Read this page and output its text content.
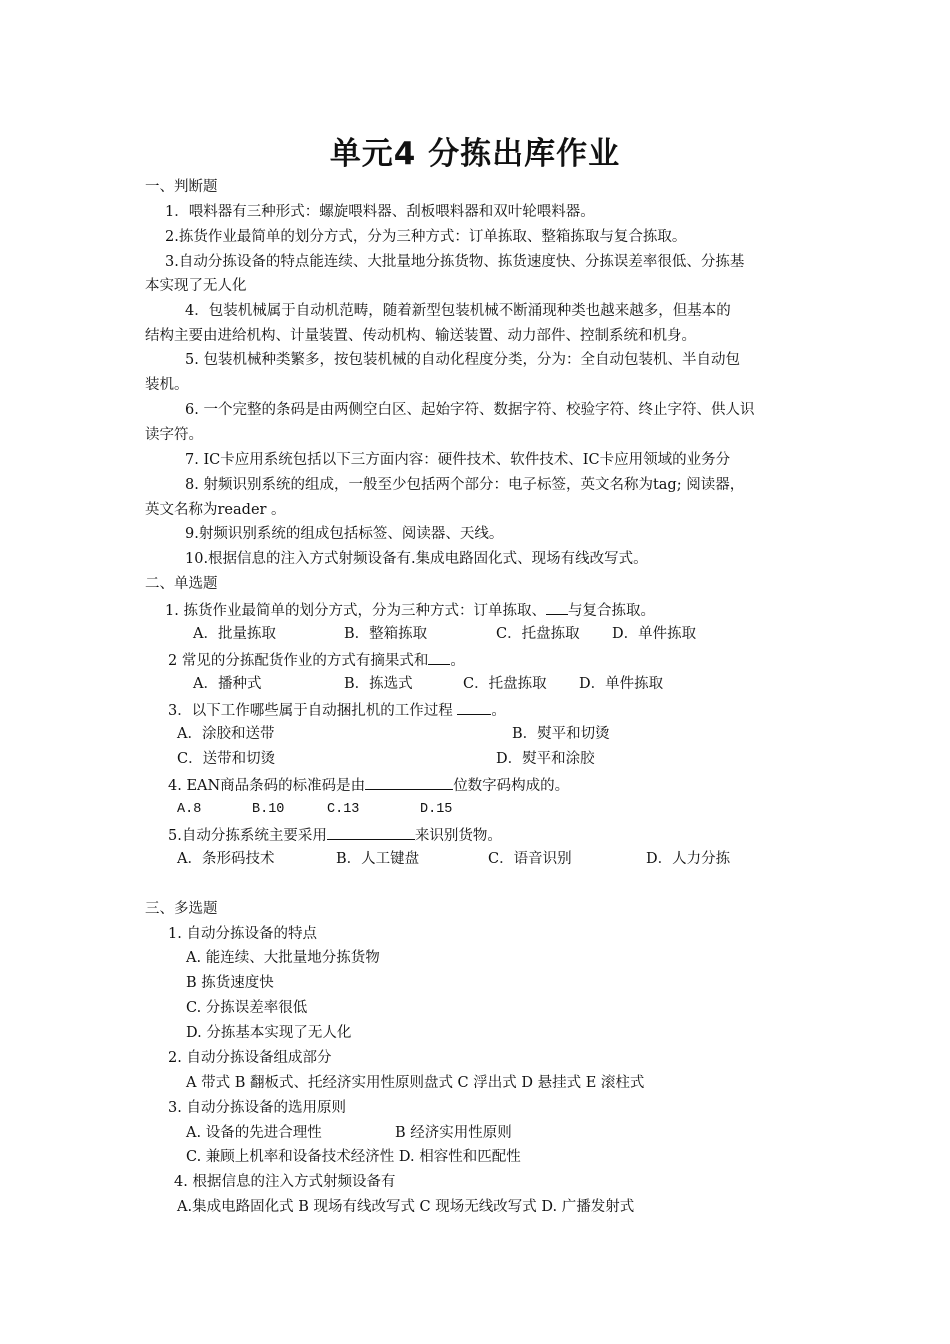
单元4 分拣出库作业
一、判断题
1．喂料器有三种形式：螺旋喂料器、刮板喂料器和双叶轮喂料器。
2.拣货作业最简单的划分方式，分为三种方式：订单拣取、整箱拣取与复合拣取。
3.自动分拣设备的特点能连续、大批量地分拣货物、拣货速度快、分拣误差率很低、分拣基
本实现了无人化
4．包装机械属于自动机范畴，随着新型包装机械不断涌现种类也越来越多，但基本的
结构主要由进给机构、计量装置、传动机构、输送装置、动力部件、控制系统和机身。
5. 包装机械种类繁多，按包装机械的自动化程度分类，分为：全自动包装机、半自动包
装机。
6. 一个完整的条码是由两侧空白区、起始字符、数据字符、校验字符、终止字符、供人识
读字符。
7. IC卡应用系统包括以下三方面内容：硬件技术、软件技术、IC卡应用领域的业务分
8. 射频识别系统的组成，一般至少包括两个部分：电子标签，英文名称为tag; 阅读器，
英文名称为reader 。
9.射频识别系统的组成包括标签、阅读器、天线。
10.根据信息的注入方式射频设备有.集成电路固化式、现场有线改写式。
二、单选题
1. 拣货作业最简单的划分方式，分为三种方式：订单拣取、 与复合拣取。
A．批量拣取	B．整箱拣取	C．托盘拣取 D．单件拣取
2 常见的分拣配货作业的方式有摘果式和 。
A．播种式	B．拣选式	C．托盘拣取 D．单件拣取
3．以下工作哪些属于自动捆扎机的工作过程 。
A．涂胶和送带	B．熨平和切烫
C．送带和切烫	D．熨平和涂胶
4. EAN商品条码的标准码是由	位数字码构成的。
A.8	B.10	C.13	D.15
5.自动分拣系统主要采用	来识别货物。
A．条形码技术	B．人工键盘	C．语音识别	D．人力分拣
三、多选题
1. 自动分拣设备的特点
A. 能连续、大批量地分拣货物
B 拣货速度快
C. 分拣误差率很低
D. 分拣基本实现了无人化
2. 自动分拣设备组成部分
A 带式 B 翻板式、托经济实用性原则盘式 C 浮出式 D 悬挂式 E 滚柱式
3. 自动分拣设备的选用原则
A. 设备的先进合理性	B 经济实用性原则
C. 兼顾上机率和设备技术经济性 D. 相容性和匹配性
4. 根据信息的注入方式射频设备有
A.集成电路固化式 B 现场有线改写式 C 现场无线改写式 D. 广播发射式
